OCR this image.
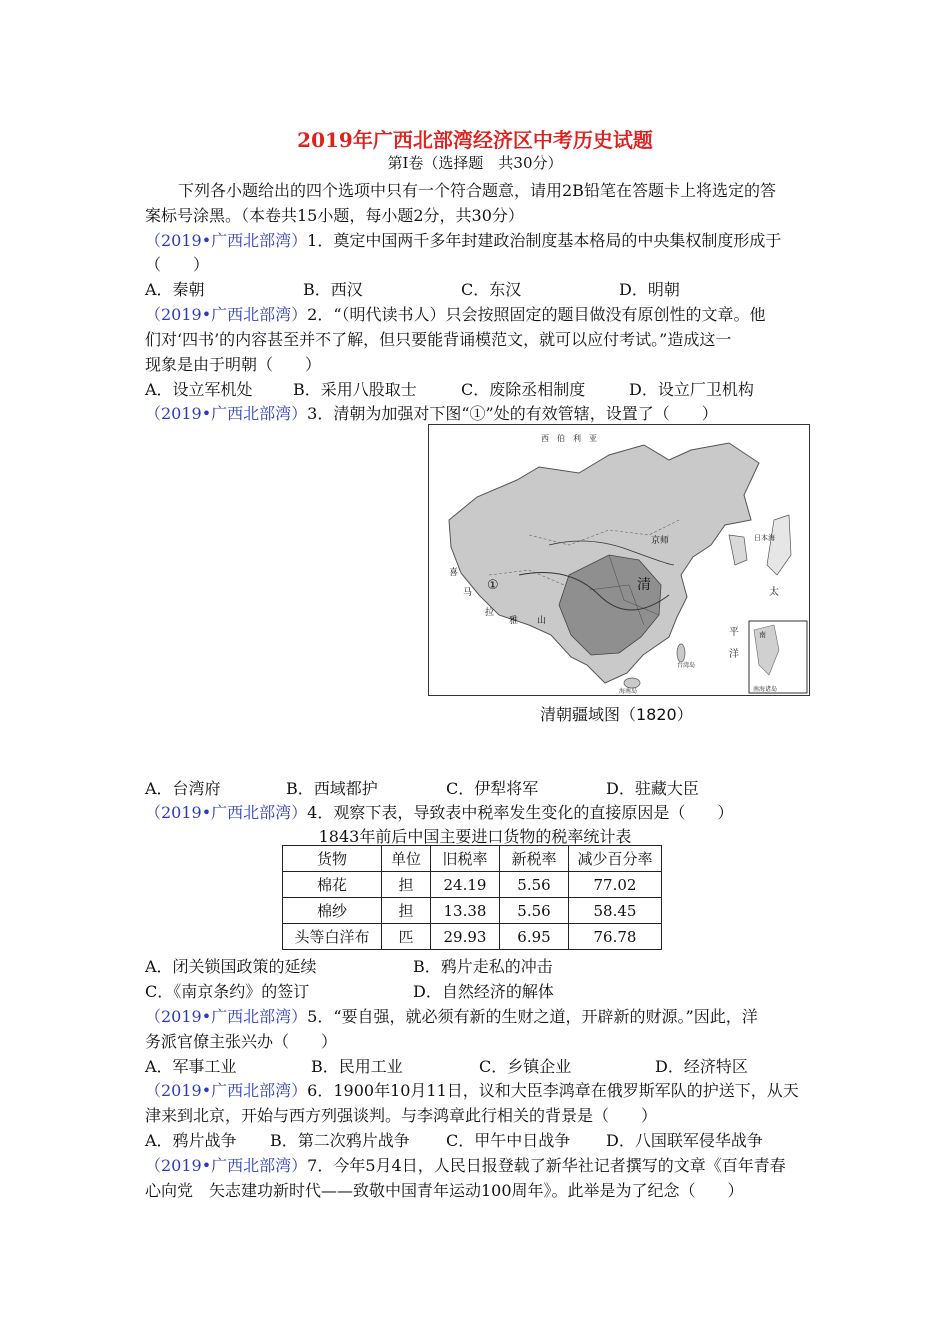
2019年广西北部湾经济区中考历史试题
第Ⅰ卷（选择题　共30分）
下列各小题给出的四个选项中只有一个符合题意，请用2B铅笔在答题卡上将选定的答
案标号涂黑。（本卷共15小题，每小题2分，共30分）
（2019•广西北部湾）1．奠定中国两千多年封建政治制度基本格局的中央集权制度形成于
（　　）
A．秦朝	B．西汉	C．东汉	D．明朝
（2019•广西北部湾）2．“（明代读书人）只会按照固定的题目做没有原创性的文章。他
们对‘四书’的内容甚至并不了解，但只要能背诵模范文，就可以应付考试。”造成这一
现象是由于明朝（　　）
A．设立军机处	B．采用八股取士	C．废除丞相制度	D．设立厂卫机构
（2019•广西北部湾）3．清朝为加强对下图“①”处的有效管辖，设置了（　　）
西　伯　利　亚
京师
①	清
喜
马
拉
雅 山
日本海
太
平
洋
台湾岛
海南岛
南
南海诸岛
清朝疆域图（1820）
A．台湾府	B．西域都护	C．伊犁将军	D．驻藏大臣
（2019•广西北部湾）4．观察下表，导致表中税率发生变化的直接原因是（　　）
1843年前后中国主要进口货物的税率统计表
货物	单位	旧税率	新税率	减少百分率
棉花	担	24.19	5.56	77.02
棉纱	担	13.38	5.56	58.45
头等白洋布	匹	29.93	6.95	76.78
A．闭关锁国政策的延续	B．鸦片走私的冲击
C．《南京条约》的签订	D．自然经济的解体
（2019•广西北部湾）5．“要自强，就必须有新的生财之道，开辟新的财源。”因此，洋
务派官僚主张兴办（　　）
A．军事工业	B．民用工业	C．乡镇企业	D．经济特区
（2019•广西北部湾）6．1900年10月11日，议和大臣李鸿章在俄罗斯军队的护送下，从天
津来到北京，开始与西方列强谈判。与李鸿章此行相关的背景是（　　）
A．鸦片战争 B．第二次鸦片战争 C．甲午中日战争 D．八国联军侵华战争
（2019•广西北部湾）7．今年5月4日，人民日报登载了新华社记者撰写的文章《百年青春
心向党　矢志建功新时代——致敬中国青年运动100周年》。此举是为了纪念（　　）
